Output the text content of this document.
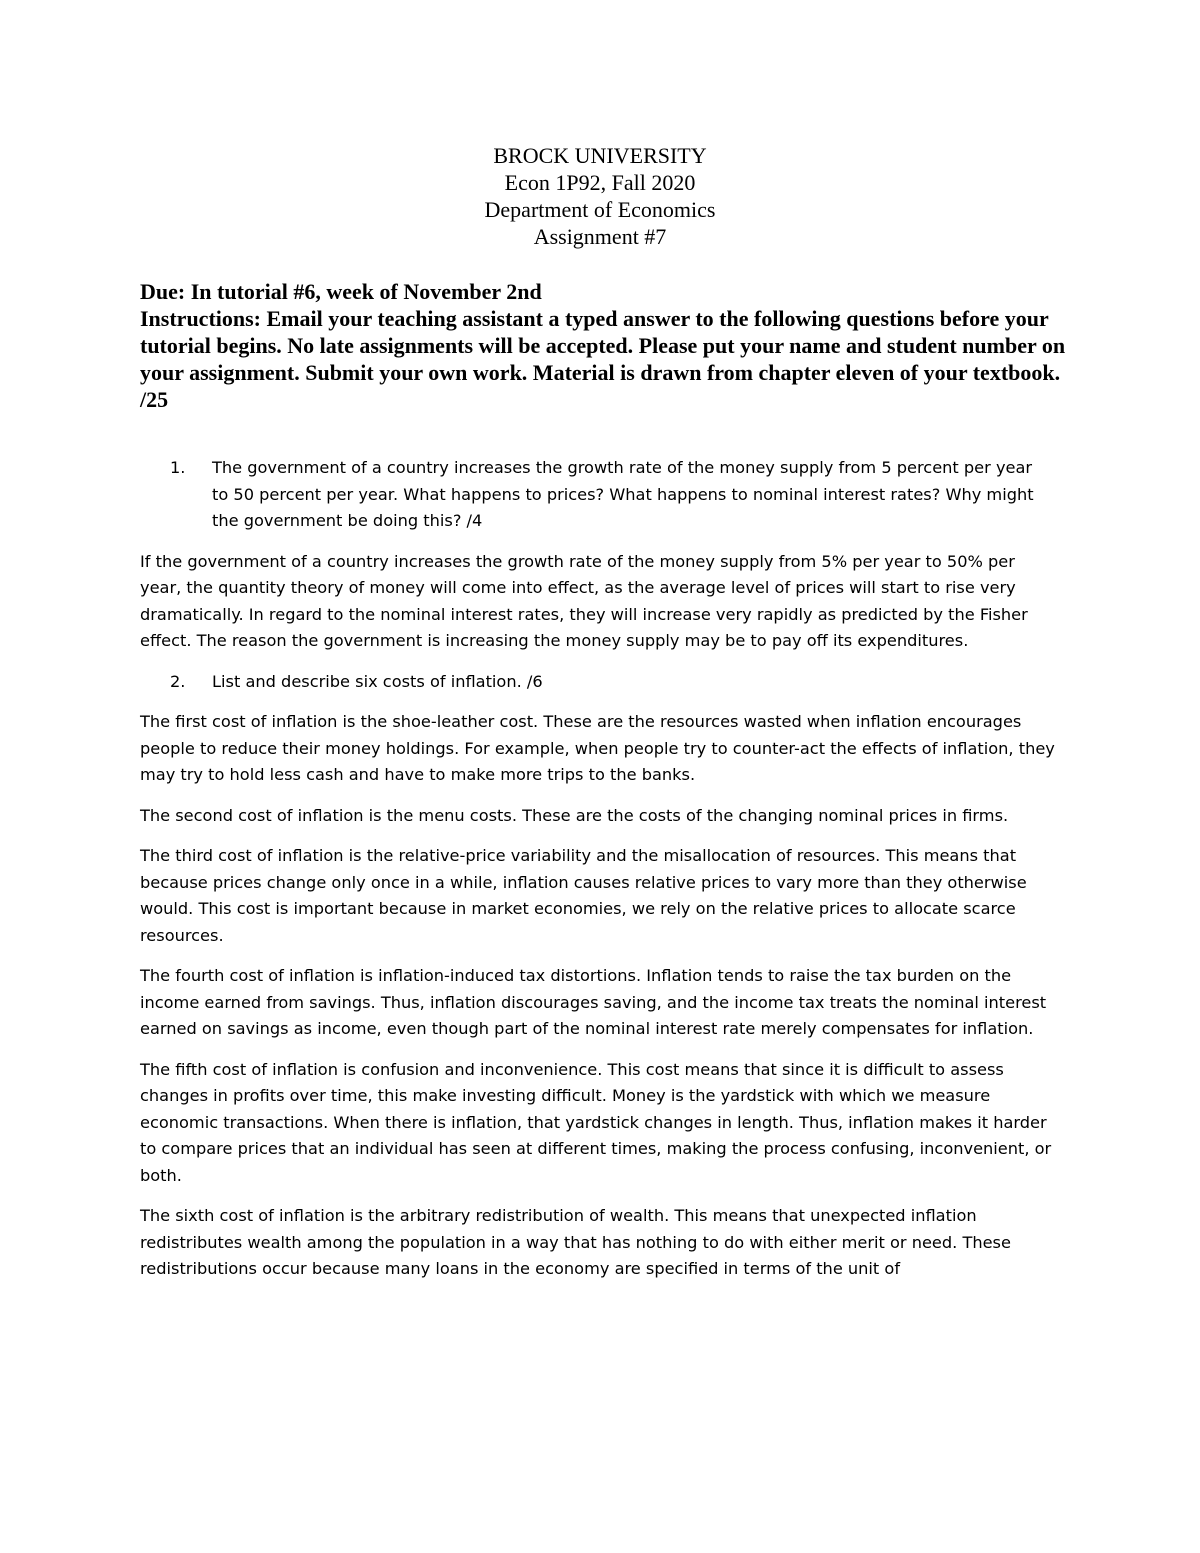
BROCK UNIVERSITY
Econ 1P92, Fall 2020
Department of Economics
Assignment #7

Due: In tutorial #6, week of November 2nd

Instructions: Email your teaching assistant a typed answer to the following questions before your tutorial begins. No late assignments will be accepted. Please put your name and student number on your assignment. Submit your own work. Material is drawn from chapter eleven of your textbook. /25

1.	The government of a country increases the growth rate of the money supply from 5 percent per year to 50 percent per year. What happens to prices? What happens to nominal interest rates? Why might the government be doing this? /4

If the government of a country increases the growth rate of the money supply from 5% per year to 50% per year, the quantity theory of money will come into effect, as the average level of prices will start to rise very dramatically. In regard to the nominal interest rates, they will increase very rapidly as predicted by the Fisher effect. The reason the government is increasing the money supply may be to pay off its expenditures.

2.	List and describe six costs of inflation. /6

The first cost of inflation is the shoe-leather cost. These are the resources wasted when inflation encourages people to reduce their money holdings. For example, when people try to counter-act the effects of inflation, they may try to hold less cash and have to make more trips to the banks.

The second cost of inflation is the menu costs. These are the costs of the changing nominal prices in firms.

The third cost of inflation is the relative-price variability and the misallocation of resources. This means that because prices change only once in a while, inflation causes relative prices to vary more than they otherwise would. This cost is important because in market economies, we rely on the relative prices to allocate scarce resources.

The fourth cost of inflation is inflation-induced tax distortions. Inflation tends to raise the tax burden on the income earned from savings. Thus, inflation discourages saving, and the income tax treats the nominal interest earned on savings as income, even though part of the nominal interest rate merely compensates for inflation.

The fifth cost of inflation is confusion and inconvenience. This cost means that since it is difficult to assess changes in profits over time, this make investing difficult. Money is the yardstick with which we measure economic transactions. When there is inflation, that yardstick changes in length. Thus, inflation makes it harder to compare prices that an individual has seen at different times, making the process confusing, inconvenient, or both.

The sixth cost of inflation is the arbitrary redistribution of wealth. This means that unexpected inflation redistributes wealth among the population in a way that has nothing to do with either merit or need. These redistributions occur because many loans in the economy are specified in terms of the unit of
